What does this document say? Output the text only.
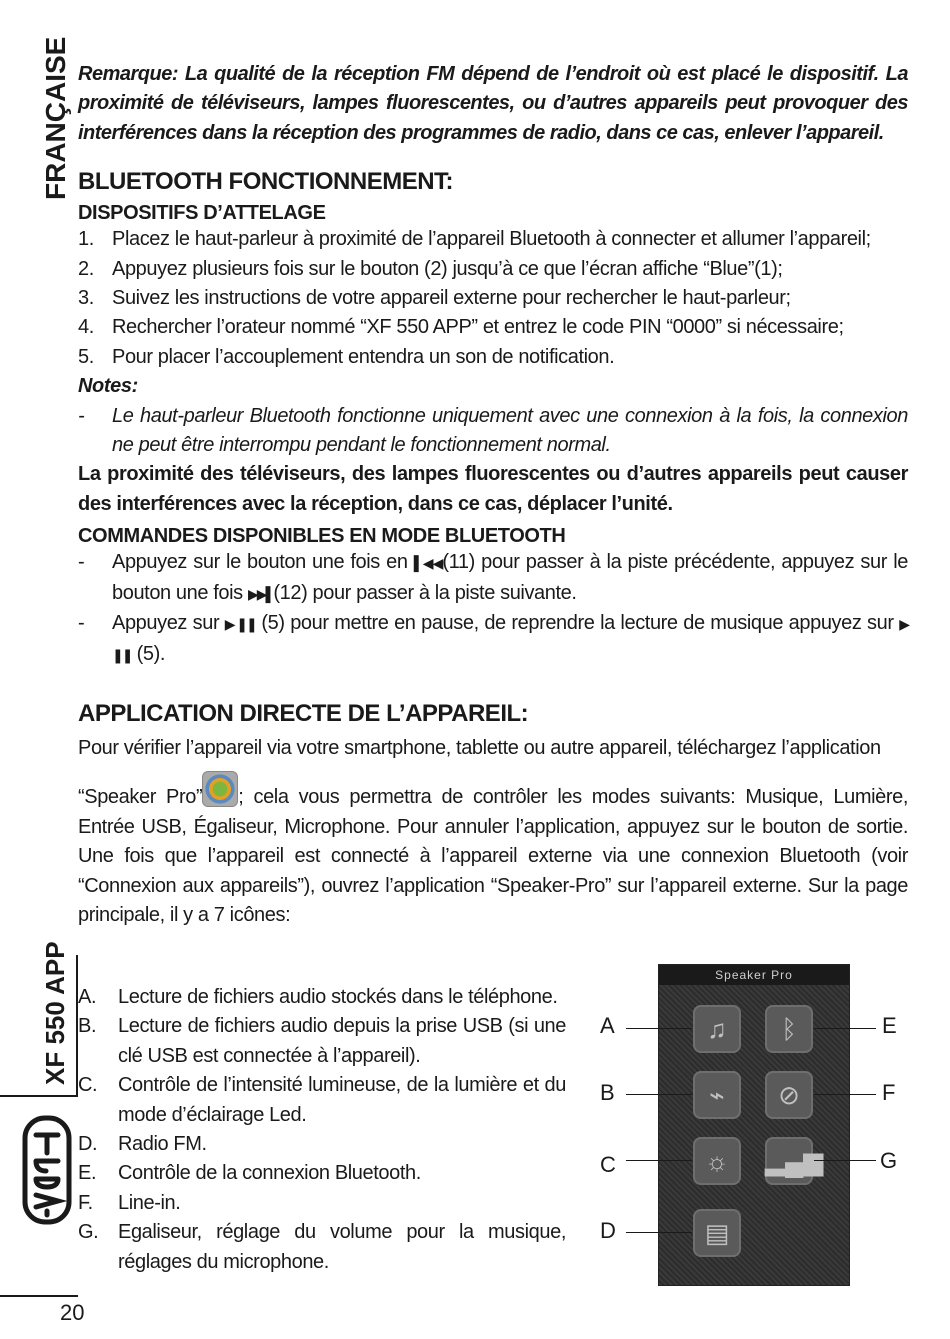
FRANÇAISE
XF 550 APP
20

Remarque: La qualité de la réception FM dépend de l’endroit où est placé le dispositif. La proximité de téléviseurs, lampes fluorescentes, ou d’autres appareils peut provoquer des interférences dans la réception des programmes de radio, dans ce cas, enlever l’appareil.

BLUETOOTH FONCTIONNEMENT:
DISPOSITIFS D’ATTELAGE
1. Placez le haut-parleur à proximité de l’appareil Bluetooth à connecter et allumer l’appareil;
2. Appuyez plusieurs fois sur le bouton (2) jusqu’à ce que l’écran affiche “Blue”(1);
3. Suivez les instructions de votre appareil externe pour rechercher le haut-parleur;
4. Rechercher l’orateur nommé “XF 550 APP” et entrez le code PIN “0000” si nécessaire;
5. Pour placer l’accouplement entendra un son de notification.

Notes:

-	Le haut-parleur Bluetooth fonctionne uniquement avec une connexion à la fois, la connexion ne peut être interrompu pendant le fonctionnement normal.

La proximité des téléviseurs, des lampes fluorescentes ou d’autres appareils peut causer des interférences avec la réception, dans ce cas, déplacer l’unité.

COMMANDES DISPONIBLES EN MODE BLUETOOTH
-	Appuyez sur le bouton une fois en ▌◀◀(11) pour passer à la piste précédente, appuyez sur le bouton une fois ▶▶▌(12) pour passer à la piste suivante.
-	Appuyez sur ▶ ❚❚ (5) pour mettre en pause, de reprendre la lecture de musique appuyez sur ▶ ❚❚ (5).
APPLICATION DIRECTE DE L’APPAREIL:

Pour vérifier l’appareil via votre smartphone, tablette ou autre appareil, téléchargez l’application

“Speaker Pro” ; cela vous permettra de contrôler les modes suivants: Musique, Lumière, Entrée USB, Égaliseur, Microphone. Pour annuler l’application, appuyez sur le bouton de sortie. Une fois que l’appareil est connecté à l’appareil externe via une connexion Bluetooth (voir “Connexion aux appareils”), ouvrez l’application “Speaker-Pro” sur l’appareil externe. Sur la page principale, il y a 7 icônes:

A.	Lecture de fichiers audio stockés dans le téléphone.
B.	Lecture de fichiers audio depuis la prise USB (si une clé USB est connectée à l’appareil).
C.	Contrôle de l’intensité lumineuse, de la lumière et du mode d’éclairage Led.
D.	Radio FM.
E.	Contrôle de la connexion Bluetooth.
F.	Line-in.
G. Egaliseur, réglage du volume pour la musique, réglages du microphone.
Speaker Pro
♫	ᛒ
⌁	⊘
☼	▂▄▆
▤
A
B
C
D
E
F
G
